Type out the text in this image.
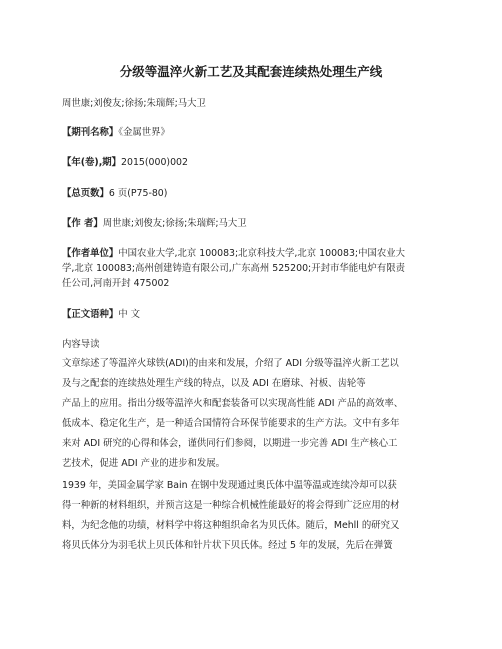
分级等温淬火新工艺及其配套连续热处理生产线
周世康;刘俊友;徐扬;朱瑞辉;马大卫
【期刊名称】《金属世界》
【年(卷),期】2015(000)002
【总页数】6 页(P75-80)
【作 者】周世康;刘俊友;徐扬;朱瑞辉;马大卫
【作者单位】中国农业大学,北京 100083;北京科技大学,北京 100083;中国农业大
学,北京 100083;高州创建铸造有限公司,广东高州 525200;开封市华能电炉有限责
任公司,河南开封 475002
【正文语种】中 文
内容导读
文章综述了等温淬火球铁(ADI)的由来和发展，介绍了 ADI 分级等温淬火新工艺以
及与之配套的连续热处理生产线的特点，以及 ADI 在磨球、衬板、齿轮等
产品上的应用。指出分级等温淬火和配套装备可以实现高性能 ADI 产品的高效率、
低成本、稳定化生产，是一种适合国情符合环保节能要求的生产方法。文中有多年
来对 ADI 研究的心得和体会，谨供同行们参阅，以期进一步完善 ADI 生产核心工
艺技术，促进 ADI 产业的进步和发展。
1939 年，美国金属学家 Bain 在钢中发现通过奥氏体中温等温或连续冷却可以获
得一种新的材料组织，并预言这是一种综合机械性能最好的将会得到广泛应用的材
料，为纪念他的功绩，材料学中将这种组织命名为贝氏体。随后，Mehll 的研究又
将贝氏体分为羽毛状上贝氏体和针片状下贝氏体。经过 5 年的发展，先后在弹簧
